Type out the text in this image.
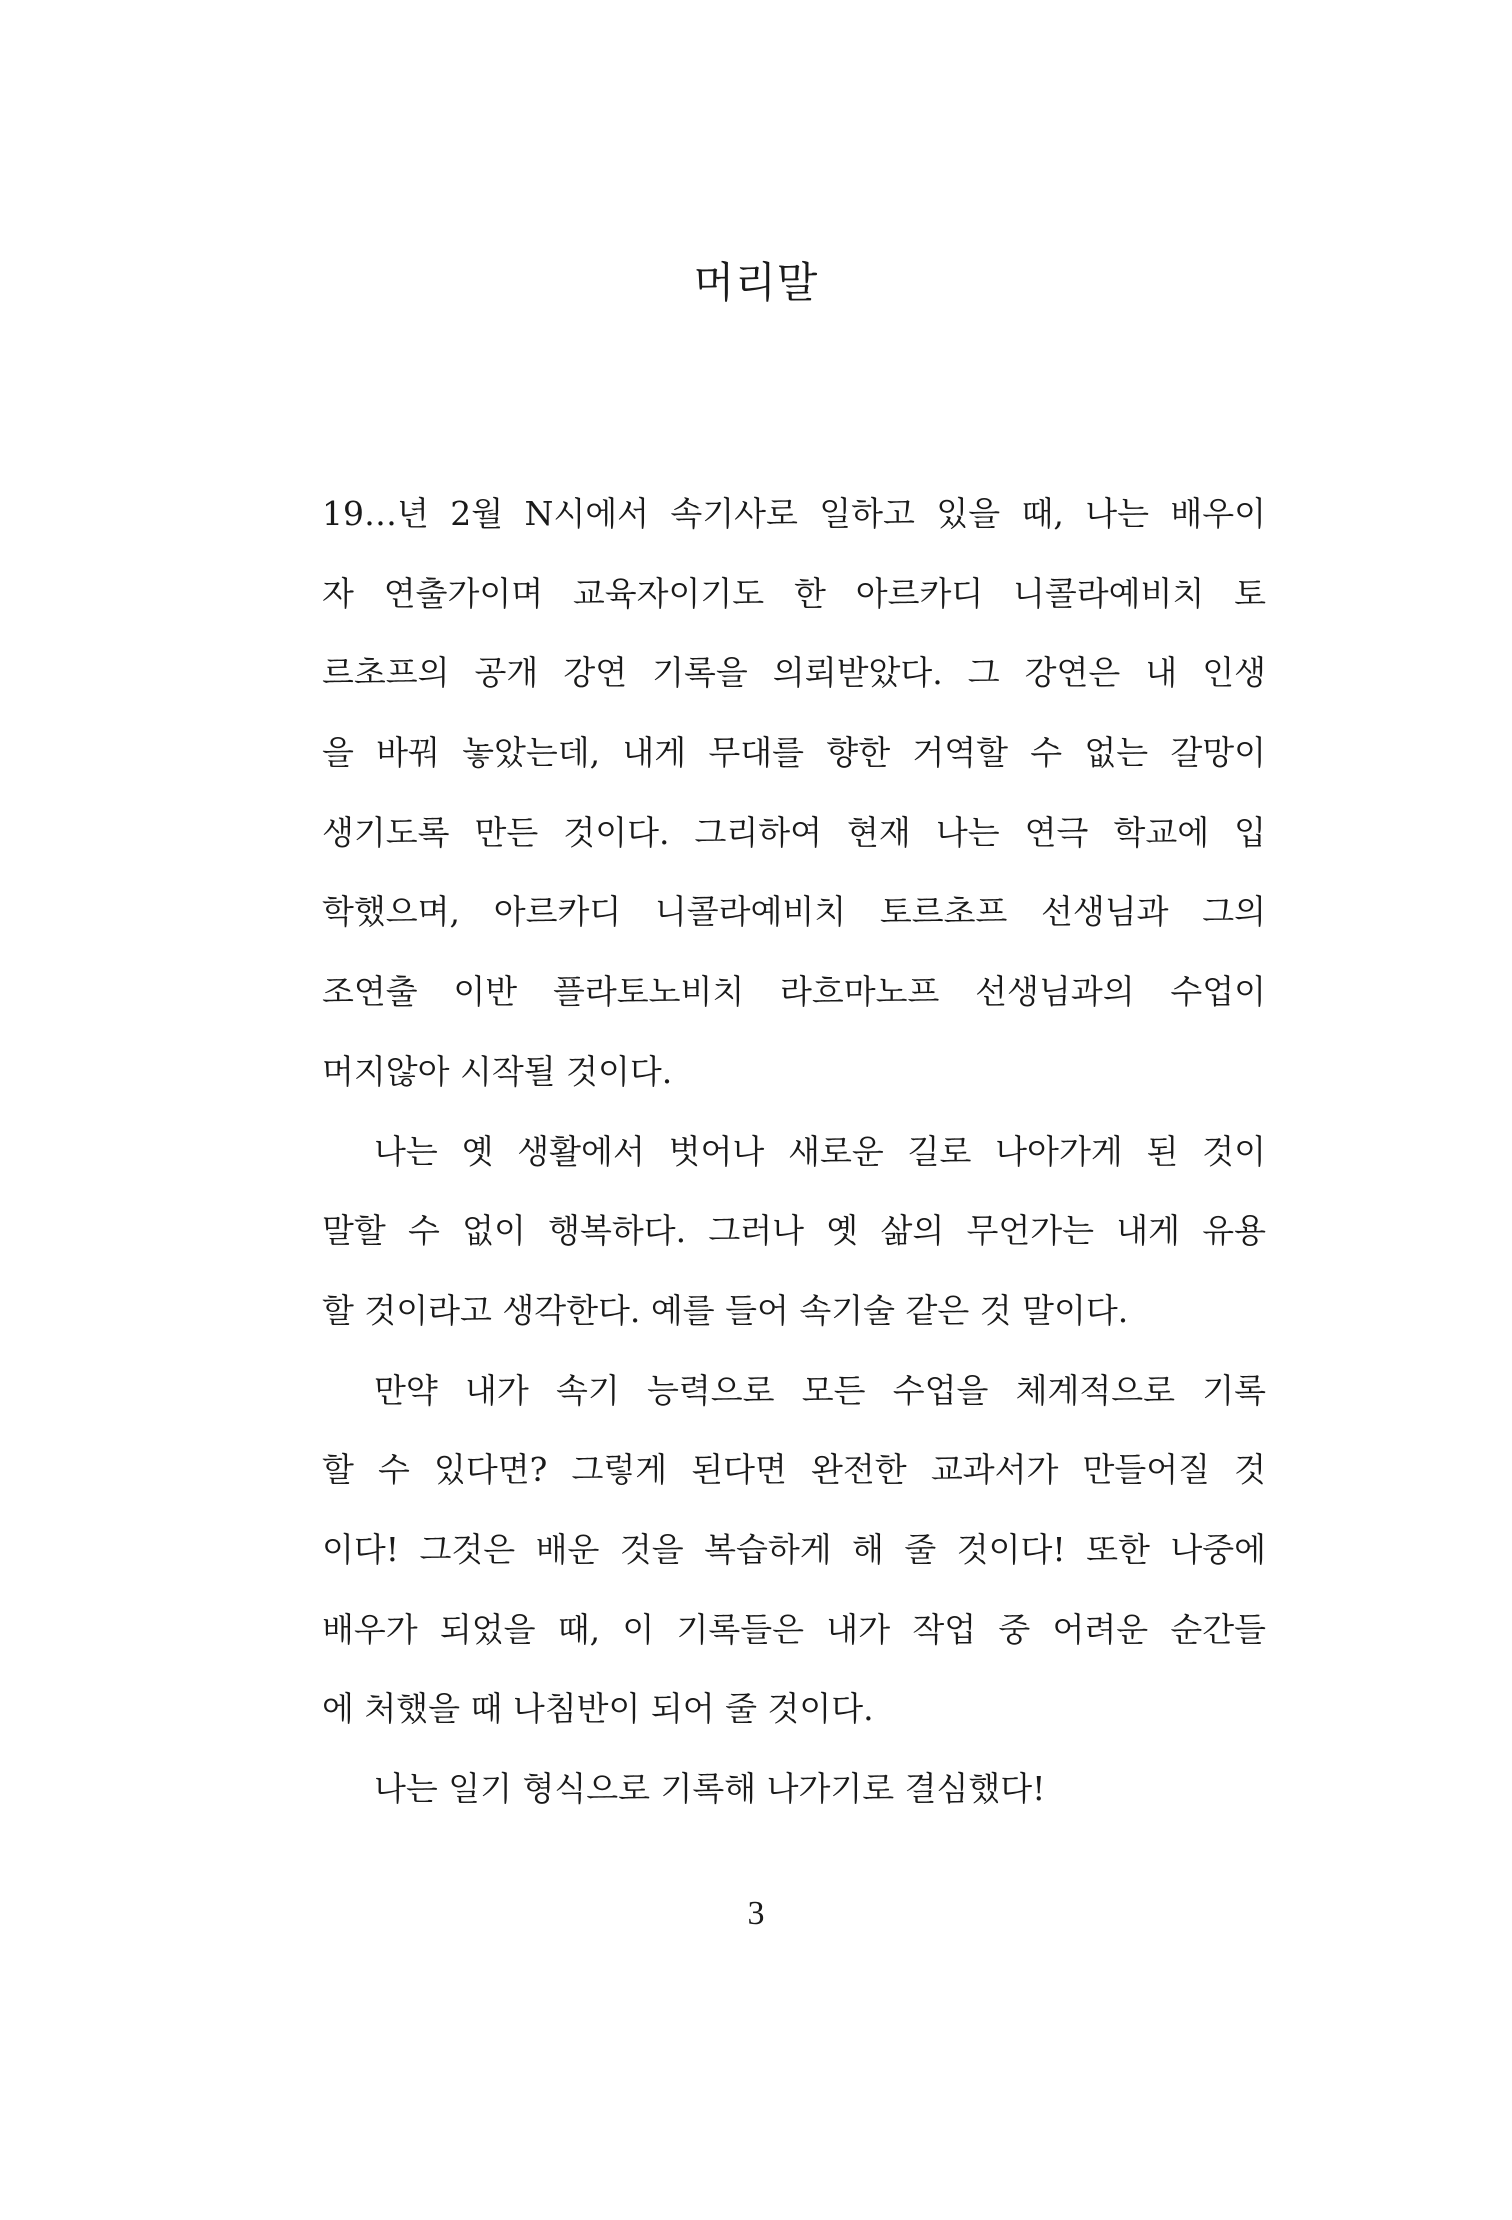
머리말
19…년 2월 N시에서 속기사로 일하고 있을 때, 나는 배우이
자 연출가이며 교육자이기도 한 아르카디 니콜라예비치 토
르초프의 공개 강연 기록을 의뢰받았다. 그 강연은 내 인생
을 바꿔 놓았는데, 내게 무대를 향한 거역할 수 없는 갈망이
생기도록 만든 것이다. 그리하여 현재 나는 연극 학교에 입
학했으며, 아르카디 니콜라예비치 토르초프 선생님과 그의
조연출 이반 플라토노비치 라흐마노프 선생님과의 수업이
머지않아 시작될 것이다.
나는 옛 생활에서 벗어나 새로운 길로 나아가게 된 것이
말할 수 없이 행복하다. 그러나 옛 삶의 무언가는 내게 유용
할 것이라고 생각한다. 예를 들어 속기술 같은 것 말이다.
만약 내가 속기 능력으로 모든 수업을 체계적으로 기록
할 수 있다면? 그렇게 된다면 완전한 교과서가 만들어질 것
이다! 그것은 배운 것을 복습하게 해 줄 것이다! 또한 나중에
배우가 되었을 때, 이 기록들은 내가 작업 중 어려운 순간들
에 처했을 때 나침반이 되어 줄 것이다.
나는 일기 형식으로 기록해 나가기로 결심했다!
3
